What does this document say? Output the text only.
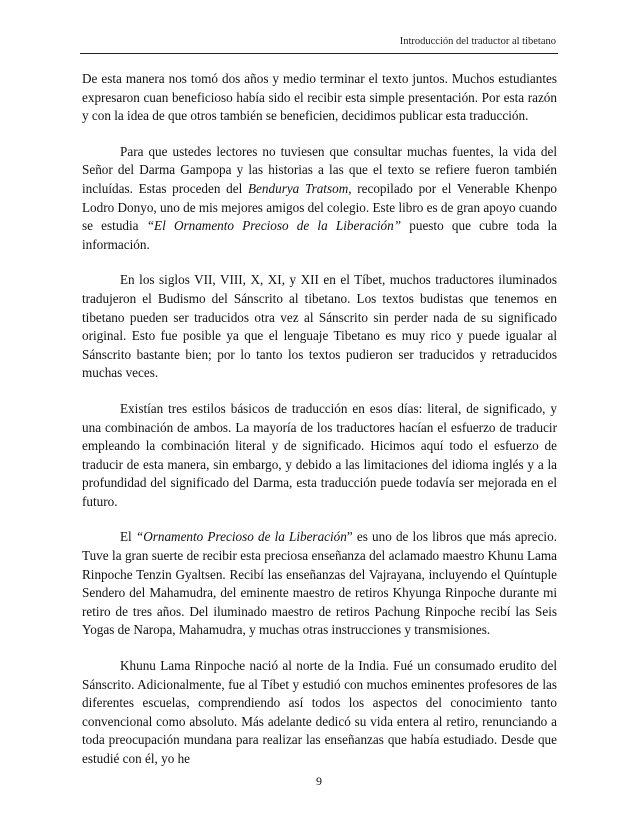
Introducción del traductor al tibetano

De esta manera nos tomó dos años y medio terminar el texto juntos. Muchos estudiantes expresaron cuan beneficioso había sido el recibir esta simple presentación. Por esta razón y con la idea de que otros también se beneficien, decidimos publicar esta traducción.

Para que ustedes lectores no tuviesen que consultar muchas fuentes, la vida del Señor del Darma Gampopa y las historias a las que el texto se refiere fueron también incluídas. Estas proceden del Bendurya Tratsom, recopilado por el Venerable Khenpo Lodro Donyo, uno de mis mejores amigos del colegio. Este libro es de gran apoyo cuando se estudia “El Ornamento Precioso de la Liberación” puesto que cubre toda la información.

En los siglos VII, VIII, X, XI, y XII en el Tíbet, muchos traductores iluminados tradujeron el Budismo del Sánscrito al tibetano. Los textos budistas que tenemos en tibetano pueden ser traducidos otra vez al Sánscrito sin perder nada de su significado original. Esto fue posible ya que el lenguaje Tibetano es muy rico y puede igualar al Sánscrito bastante bien; por lo tanto los textos pudieron ser traducidos y retraducidos muchas veces.

Existían tres estilos básicos de traducción en esos días: literal, de significado, y una combinación de ambos. La mayoría de los traductores hacían el esfuerzo de traducir empleando la combinación literal y de significado. Hicimos aquí todo el esfuerzo de traducir de esta manera, sin embargo, y debido a las limitaciones del idioma inglés y a la profundidad del significado del Darma, esta traducción puede todavía ser mejorada en el futuro.

El “Ornamento Precioso de la Liberación” es uno de los libros que más aprecio. Tuve la gran suerte de recibir esta preciosa enseñanza del aclamado maestro Khunu Lama Rinpoche Tenzin Gyaltsen. Recibí las enseñanzas del Vajrayana, incluyendo el Quíntuple Sendero del Mahamudra, del eminente maestro de retiros Khyunga Rinpoche durante mi retiro de tres años. Del iluminado maestro de retiros Pachung Rinpoche recibí las Seis Yogas de Naropa, Mahamudra, y muchas otras instrucciones y transmisiones.

Khunu Lama Rinpoche nació al norte de la India. Fué un consumado erudito del Sánscrito. Adicionalmente, fue al Tíbet y estudió con muchos eminentes profesores de las diferentes escuelas, comprendiendo así todos los aspectos del conocimiento tanto convencional como absoluto. Más adelante dedicó su vida entera al retiro, renunciando a toda preocupación mundana para realizar las enseñanzas que había estudiado. Desde que estudié con él, yo he

9
